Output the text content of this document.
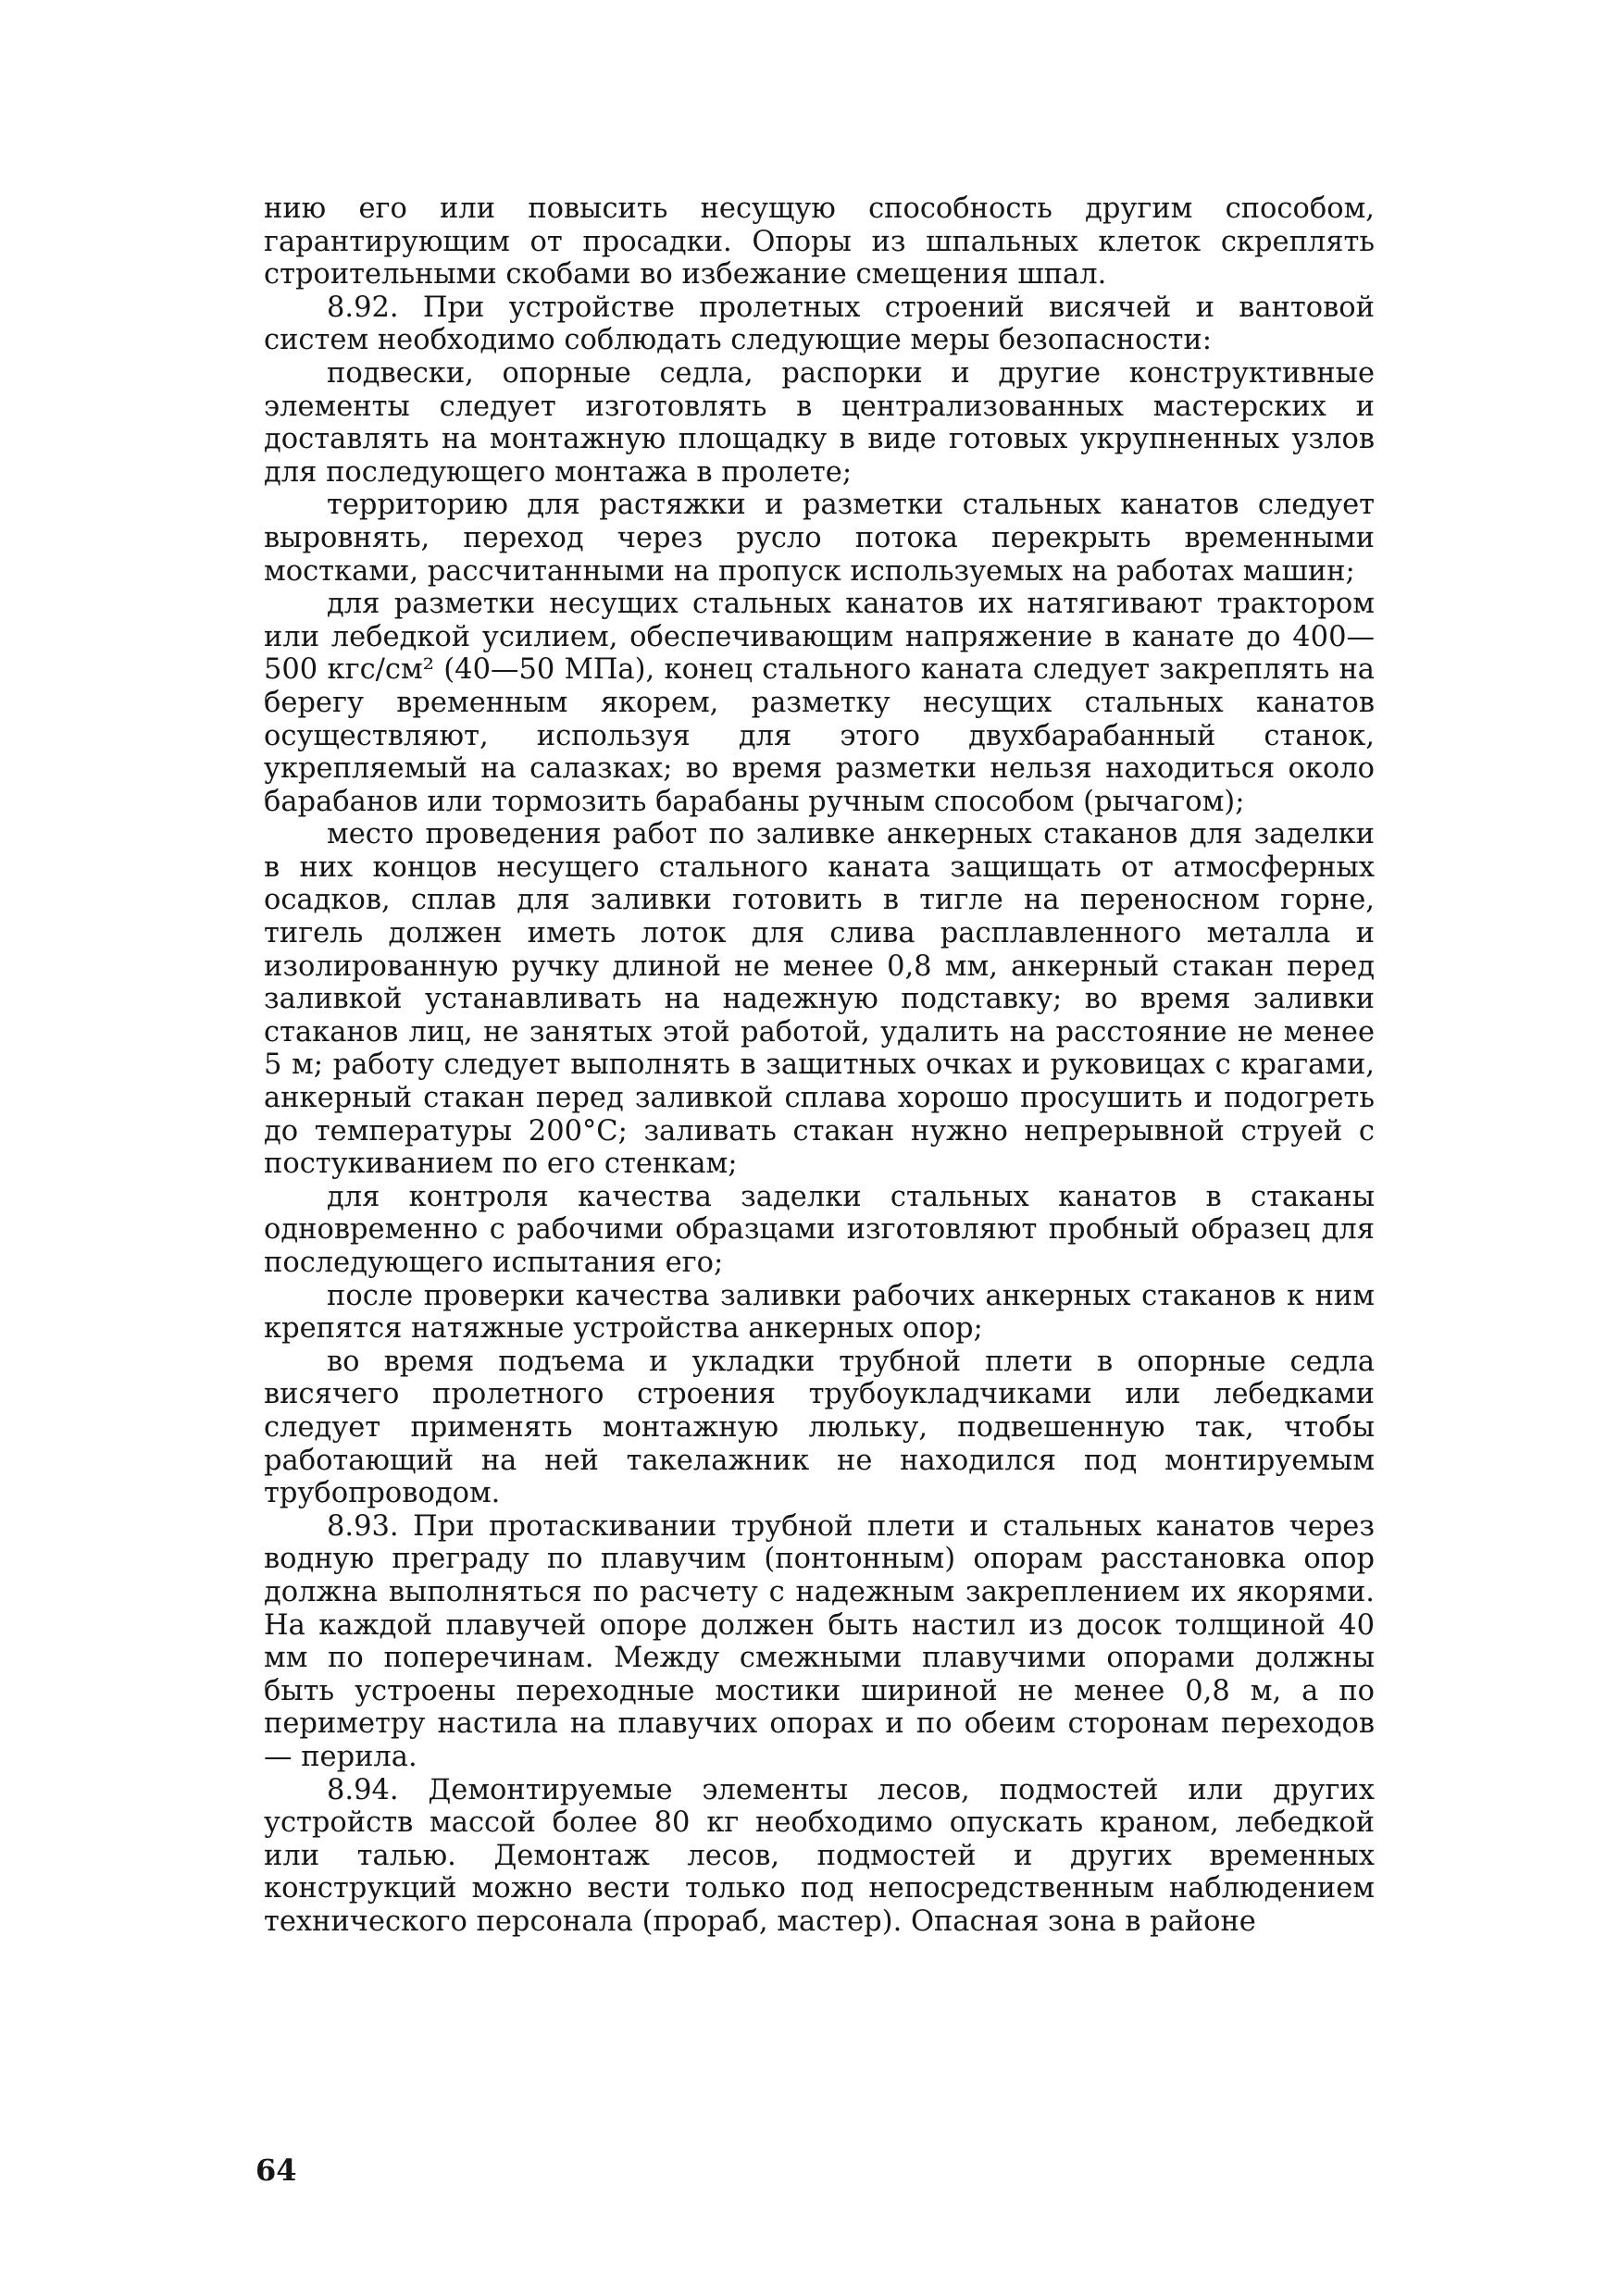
нию его или повысить несущую способность другим способом, гарантирующим от просадки. Опоры из шпальных клеток скреплять строительными скобами во избежание смещения шпал.

8.92. При устройстве пролетных строений висячей и вантовой систем необходимо соблюдать следующие меры безопасности:

подвески, опорные седла, распорки и другие конструктивные элементы следует изготовлять в централизованных мастерских и доставлять на монтажную площадку в виде готовых укрупненных узлов для последующего монтажа в пролете;

территорию для растяжки и разметки стальных канатов следует выровнять, переход через русло потока перекрыть временными мостками, рассчитанными на пропуск используемых на работах машин;

для разметки несущих стальных канатов их натягивают трактором или лебедкой усилием, обеспечивающим напряжение в канате до 400—500 кгс/см² (40—50 МПа), конец стального каната следует закреплять на берегу временным якорем, разметку несущих стальных канатов осуществляют, используя для этого двухбарабанный станок, укрепляемый на салазках; во время разметки нельзя находиться около барабанов или тормозить барабаны ручным способом (рычагом);

место проведения работ по заливке анкерных стаканов для заделки в них концов несущего стального каната защищать от атмосферных осадков, сплав для заливки готовить в тигле на переносном горне, тигель должен иметь лоток для слива расплавленного металла и изолированную ручку длиной не менее 0,8 мм, анкерный стакан перед заливкой устанавливать на надежную подставку; во время заливки стаканов лиц, не занятых этой работой, удалить на расстояние не менее 5 м; работу следует выполнять в защитных очках и руковицах с крагами, анкерный стакан перед заливкой сплава хорошо просушить и подогреть до температуры 200°С; заливать стакан нужно непрерывной струей с постукиванием по его стенкам;

для контроля качества заделки стальных канатов в стаканы одновременно с рабочими образцами изготовляют пробный образец для последующего испытания его;

после проверки качества заливки рабочих анкерных стаканов к ним крепятся натяжные устройства анкерных опор;

во время подъема и укладки трубной плети в опорные седла висячего пролетного строения трубоукладчиками или лебедками следует применять монтажную люльку, подвешенную так, чтобы работающий на ней такелажник не находился под монтируемым трубопроводом.

8.93. При протаскивании трубной плети и стальных канатов через водную преграду по плавучим (понтонным) опорам расстановка опор должна выполняться по расчету с надежным закреплением их якорями. На каждой плавучей опоре должен быть настил из досок толщиной 40 мм по поперечинам. Между смежными плавучими опорами должны быть устроены переходные мостики шириной не менее 0,8 м, а по периметру настила на плавучих опорах и по обеим сторонам переходов — перила.

8.94. Демонтируемые элементы лесов, подмостей или других устройств массой более 80 кг необходимо опускать краном, лебедкой или талью. Демонтаж лесов, подмостей и других временных конструкций можно вести только под непосредственным наблюдением технического персонала (прораб, мастер). Опасная зона в районе

64
